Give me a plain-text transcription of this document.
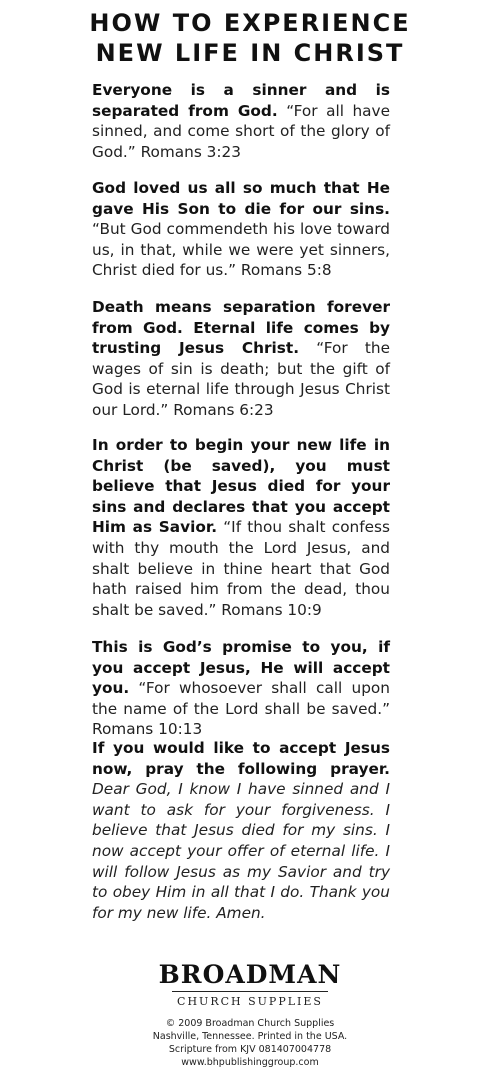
HOW TO EXPERIENCE
NEW LIFE IN CHRIST
Everyone is a sinner and is separated from God. “For all have sinned, and come short of the glory of God.” Romans 3:23
God loved us all so much that He gave His Son to die for our sins. “But God commendeth his love toward us, in that, while we were yet sinners, Christ died for us.” Romans 5:8
Death means separation forever from God. Eternal life comes by trusting Jesus Christ. “For the wages of sin is death; but the gift of God is eternal life through Jesus Christ our Lord.” Romans 6:23
In order to begin your new life in Christ (be saved), you must believe that Jesus died for your sins and declares that you accept Him as Savior. “If thou shalt confess with thy mouth the Lord Jesus, and shalt believe in thine heart that God hath raised him from the dead, thou shalt be saved.” Romans 10:9
This is God’s promise to you, if you accept Jesus, He will accept you. “For whosoever shall call upon the name of the Lord shall be saved.” Romans 10:13
If you would like to accept Jesus now, pray the following prayer. Dear God, I know I have sinned and I want to ask for your forgiveness. I believe that Jesus died for my sins. I now accept your offer of eternal life. I will follow Jesus as my Savior and try to obey Him in all that I do. Thank you for my new life. Amen.
BROADMAN
CHURCH SUPPLIES
© 2009 Broadman Church Supplies
Nashville, Tennessee. Printed in the USA.
Scripture from KJV 081407004778
www.bhpublishinggroup.com
